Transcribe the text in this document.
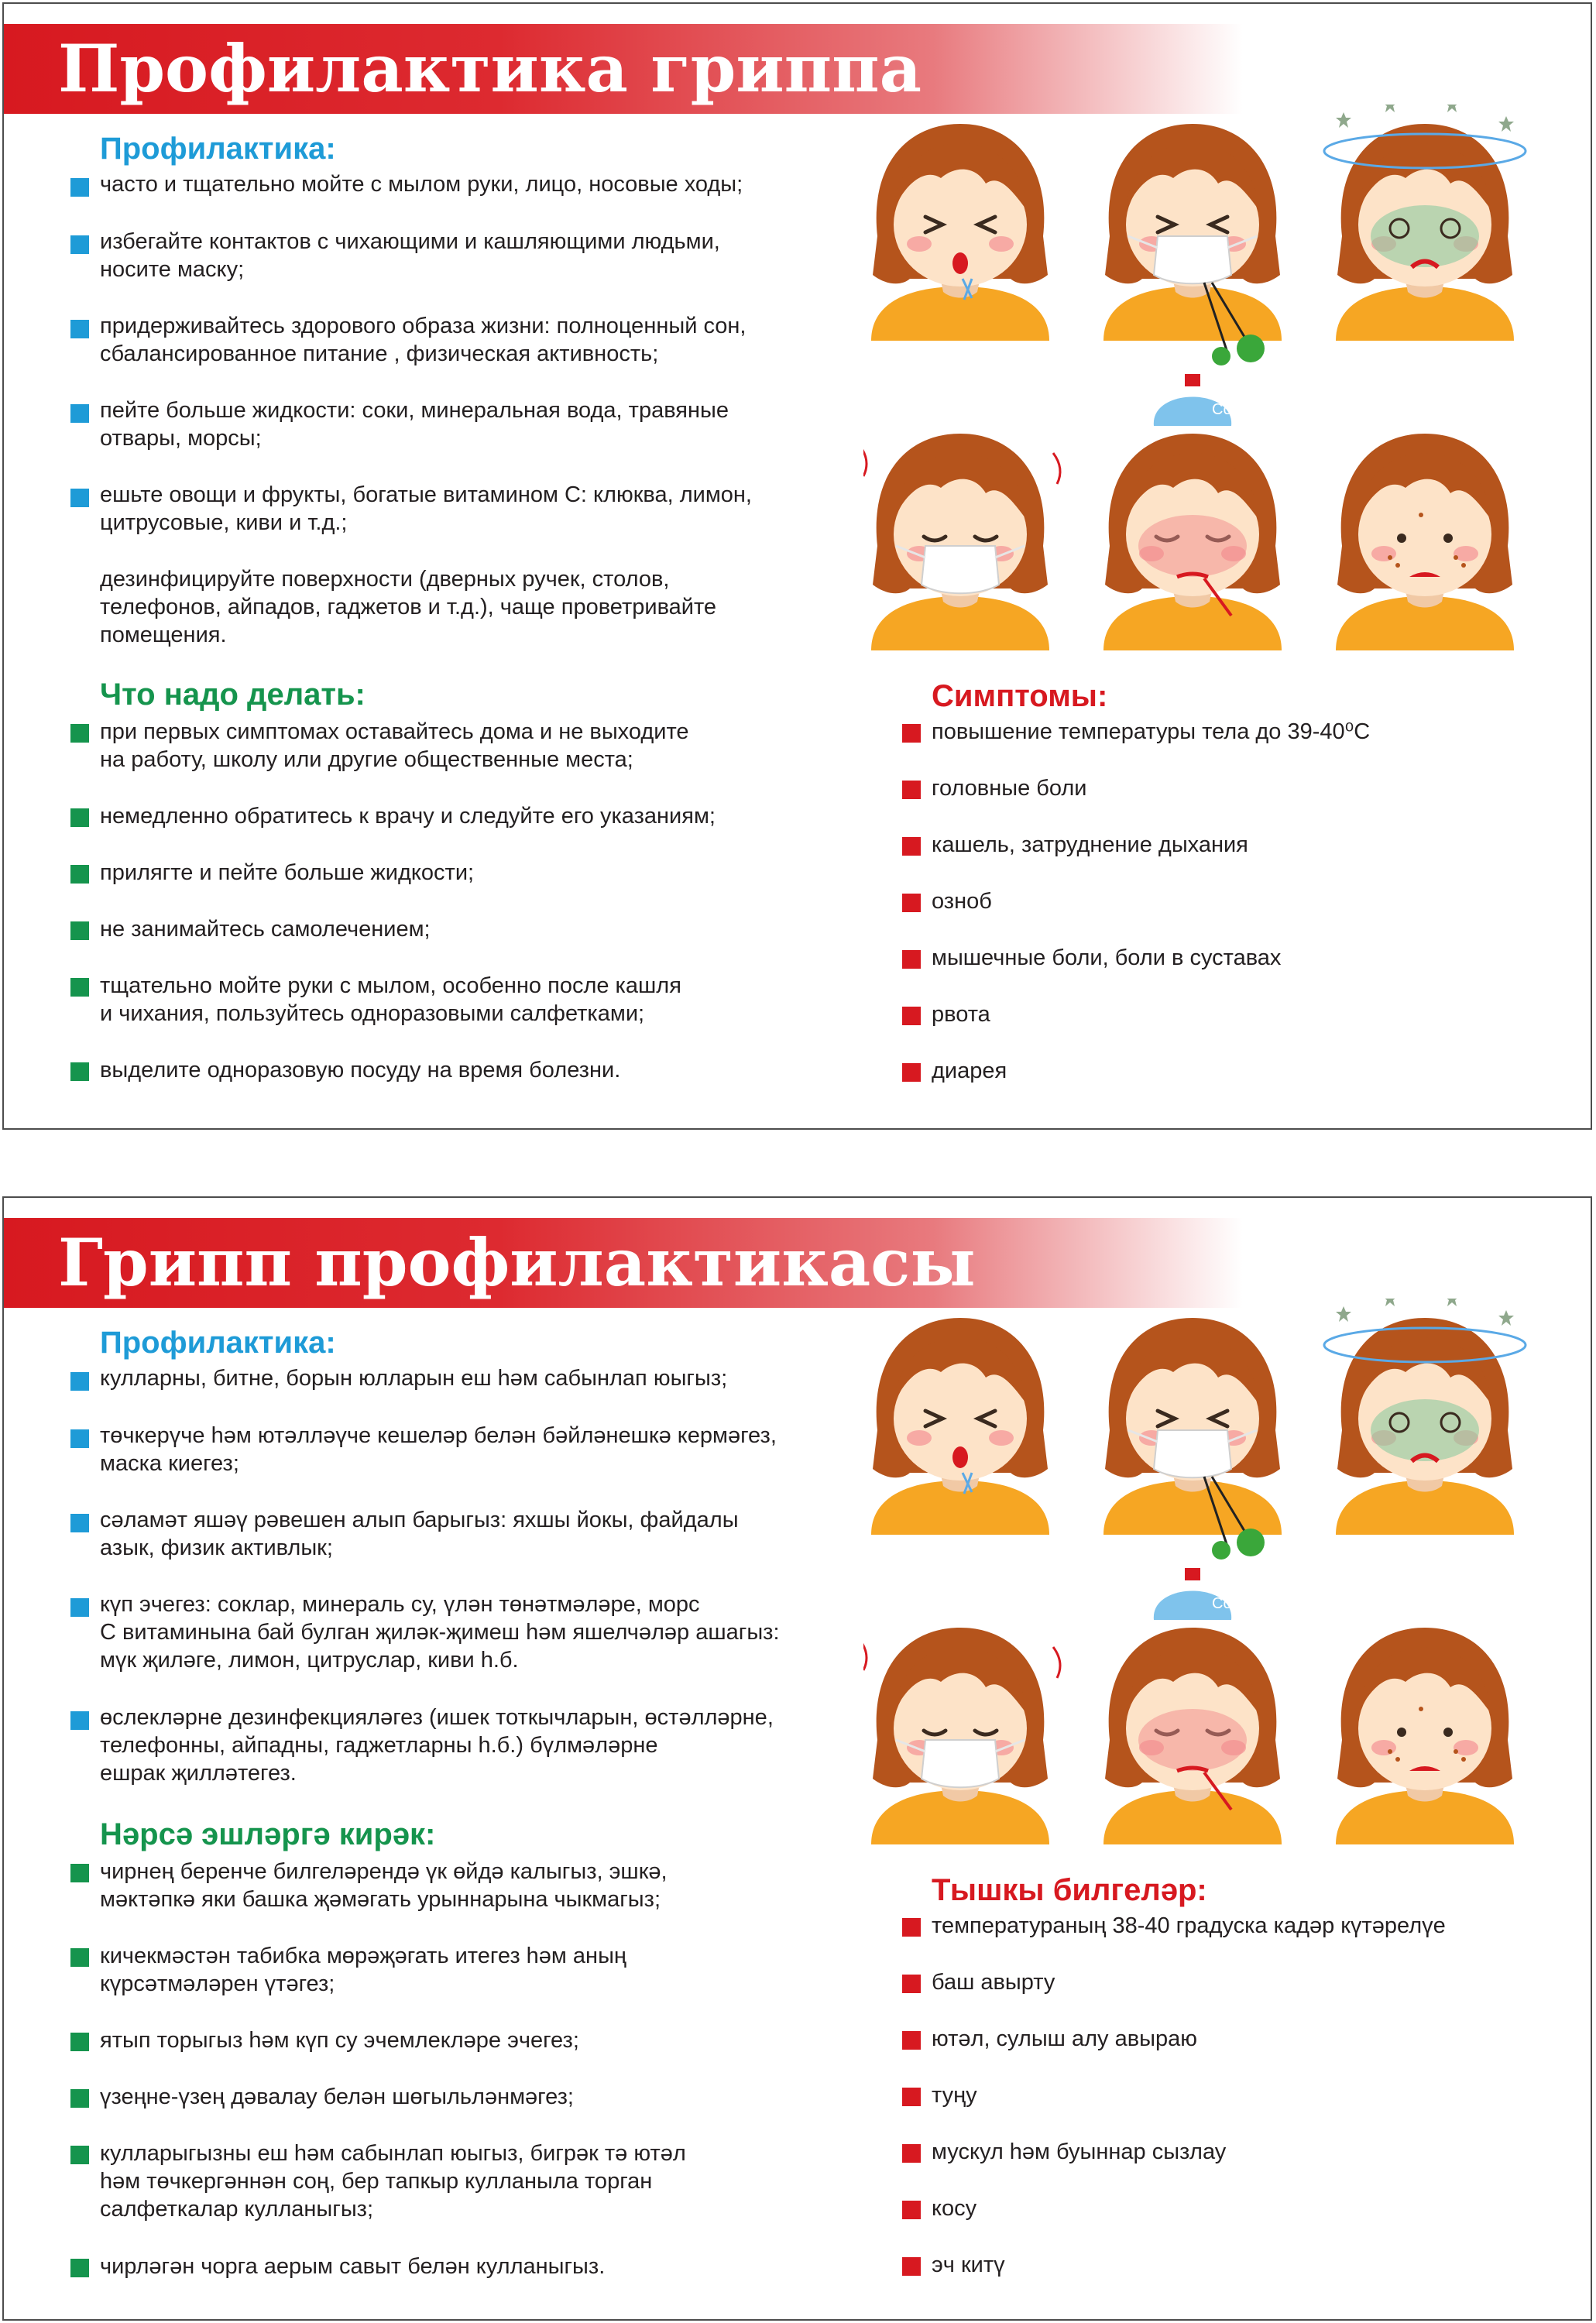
Профилактика гриппа
Профилактика:
часто и тщательно мойте с мылом руки, лицо, носовые ходы;
избегайте контактов с чихающими и кашляющими людьми,
носите маску;
придерживайтесь здорового образа жизни: полноценный сон,
сбалансированное питание , физическая активность;
пейте больше жидкости: соки, минеральная вода, травяные
отвары, морсы;
ешьте овощи и фрукты, богатые витамином С: клюква, лимон,
цитрусовые, киви и т.д.;
дезинфицируйте поверхности (дверных ручек, столов,
телефонов, айпадов, гаджетов и т.д.), чаще проветривайте
помещения.
Что надо делать:
при первых симптомах оставайтесь дома и не выходите
на работу, школу или другие общественные места;
немедленно обратитесь к врачу и следуйте его указаниям;
прилягте и пейте больше жидкости;
не занимайтесь самолечением;
тщательно мойте руки с мылом, особенно после кашля
и чихания, пользуйтесь одноразовыми салфетками;
выделите одноразовую посуду на время болезни.
Симптомы:
повышение температуры тела до 39-40⁰С
головные боли
кашель, затруднение дыхания
озноб
мышечные боли, боли в суставах
рвота
диарея
Cool
Грипп профилактикасы
Профилактика:
кулларны, битне, борын юлларын еш һәм сабынлап юыгыз;
төчкерүче һәм ютәлләүче кешеләр белән бәйләнешкә кермәгез,
маска киегез;
сәламәт яшәү рәвешен алып барыгыз: яхшы йокы, файдалы
азык, физик активлык;
күп эчегез: соклар, минераль су, үлән төнәтмәләре, морс
С витаминына бай булган җиләк-җимеш һәм яшелчәләр ашагыз:
мүк җиләге, лимон, цитруслар, киви һ.б.
өслекләрне дезинфекцияләгез (ишек тоткычларын, өстәлләрне,
телефонны, айпадны, гаджетларны һ.б.) бүлмәләрне
ешрак җилләтегез.
Нәрсә эшләргә кирәк:
чирнең беренче билгеләрендә үк өйдә калыгыз, эшкә,
мәктәпкә яки башка җәмәгать урыннарына чыкмагыз;
кичекмәстән табибка мөрәҗәгать итегез һәм аның
күрсәтмәләрен үтәгез;
ятып торыгыз һәм күп су эчемлекләре эчегез;
үзеңне-үзең дәвалау белән шөгыльләнмәгез;
кулларыгызны еш һәм сабынлап юыгыз, бигрәк тә ютәл
һәм төчкергәннән соң, бер тапкыр кулланыла торган
салфеткалар кулланыгыз;
чирләгән чорга аерым савыт белән кулланыгыз.
Тышкы билгеләр:
температураның 38-40 градуска кадәр күтәрелүе
баш авырту
ютәл, сулыш алу авыраю
туңу
мускул һәм буыннар сызлау
косу
эч китү
Cool
